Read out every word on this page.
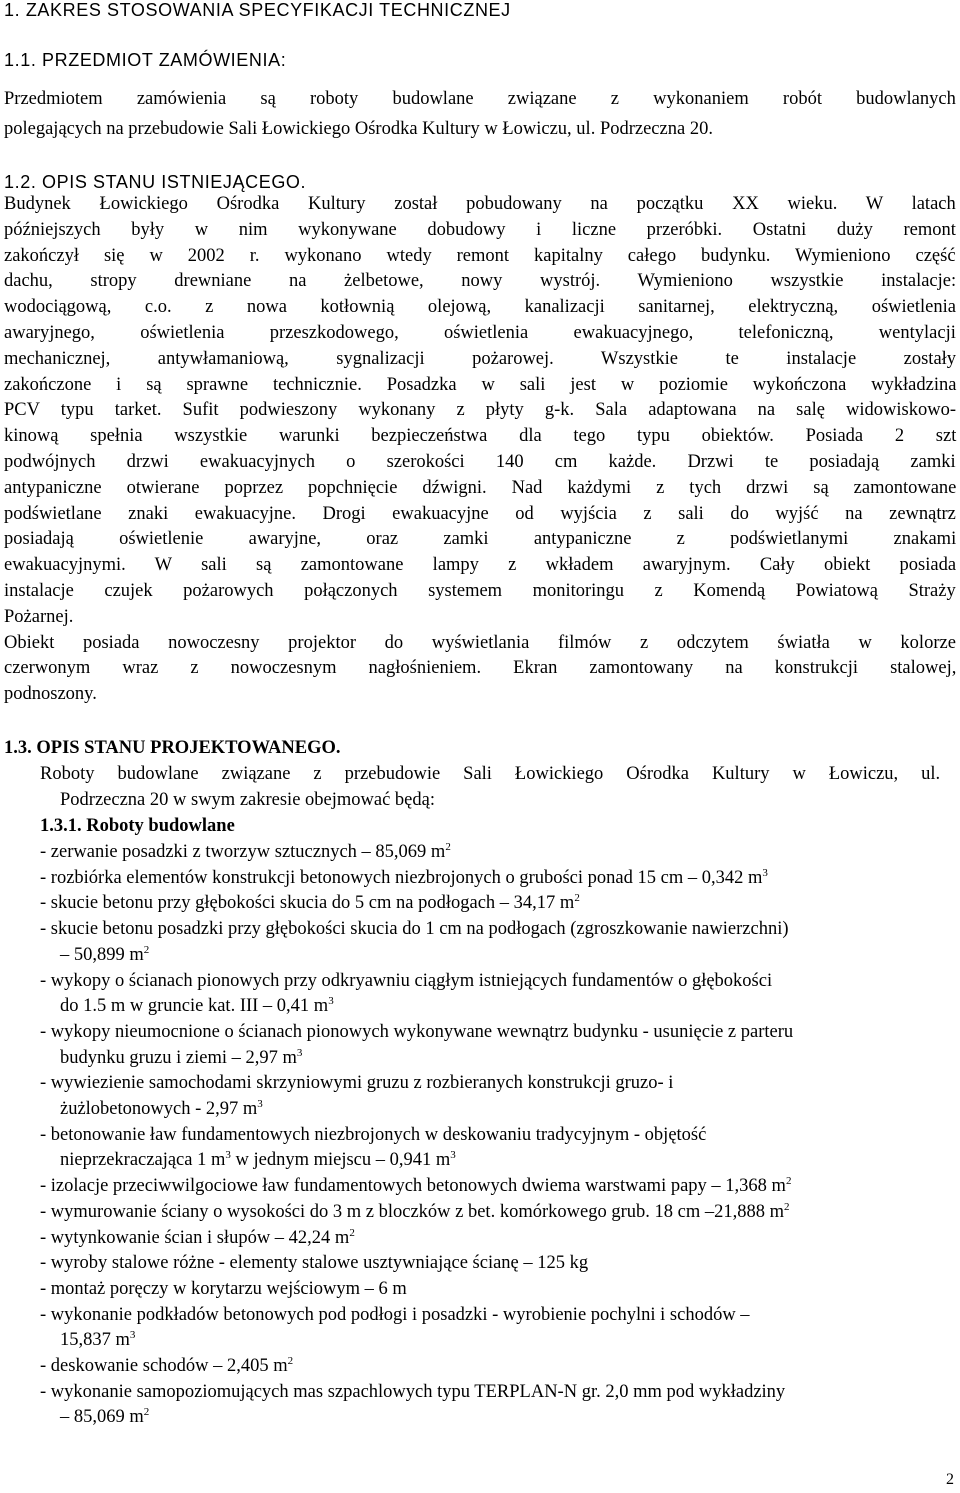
1. ZAKRES STOSOWANIA SPECYFIKACJI TECHNICZNEJ
1.1. PRZEDMIOT ZAMÓWIENIA:
Przedmiotem zamówienia są roboty budowlane związane z wykonaniem robót budowlanych
polegających na przebudowie Sali Łowickiego Ośrodka Kultury w Łowiczu, ul. Podrzeczna 20.
1.2. OPIS STANU ISTNIEJĄCEGO.
Budynek Łowickiego Ośrodka Kultury został pobudowany na początku XX wieku. W latach
późniejszych były w nim wykonywane dobudowy i liczne przeróbki. Ostatni duży remont
zakończył się w 2002 r. wykonano wtedy remont kapitalny całego budynku. Wymieniono część
dachu, stropy drewniane na żelbetowe, nowy wystrój. Wymieniono wszystkie instalacje:
wodociągową, c.o. z nowa kotłownią olejową, kanalizacji sanitarnej, elektryczną, oświetlenia
awaryjnego, oświetlenia przeszkodowego, oświetlenia ewakuacyjnego, telefoniczną, wentylacji
mechanicznej, antywłamaniową, sygnalizacji pożarowej. Wszystkie te instalacje zostały
zakończone i są sprawne technicznie. Posadzka w sali jest w poziomie wykończona wykładzina
PCV typu tarket. Sufit podwieszony wykonany z płyty g-k. Sala adaptowana na salę widowiskowo-
kinową spełnia wszystkie warunki bezpieczeństwa dla tego typu obiektów. Posiada 2 szt
podwójnych drzwi ewakuacyjnych o szerokości 140 cm każde. Drzwi te posiadają zamki
antypaniczne otwierane poprzez popchnięcie dźwigni. Nad każdymi z tych drzwi są zamontowane
podświetlane znaki ewakuacyjne. Drogi ewakuacyjne od wyjścia z sali do wyjść na zewnątrz
posiadają oświetlenie awaryjne, oraz zamki antypaniczne z podświetlanymi znakami
ewakuacyjnymi. W sali są zamontowane lampy z wkładem awaryjnym. Cały obiekt posiada
instalacje czujek pożarowych połączonych systemem monitoringu z Komendą Powiatową Straży
Pożarnej.
Obiekt posiada nowoczesny projektor do wyświetlania filmów z odczytem światła w kolorze
czerwonym wraz z nowoczesnym nagłośnieniem. Ekran zamontowany na konstrukcji stalowej,
podnoszony.
1.3. OPIS STANU PROJEKTOWANEGO.
Roboty budowlane związane z przebudowie Sali Łowickiego Ośrodka Kultury w Łowiczu, ul.
Podrzeczna 20 w swym zakresie obejmować będą:
1.3.1. Roboty budowlane
- zerwanie posadzki z tworzyw sztucznych – 85,069 $m^2$
- rozbiórka elementów konstrukcji betonowych niezbrojonych o grubości ponad 15 cm – 0,342 $m^3$
- skucie betonu przy głębokości skucia do 5 cm na podłogach – 34,17 $m^2$
- skucie betonu posadzki przy głębokości skucia do 1 cm na podłogach (zgroszkowanie nawierzchni)
– 50,899 $m^2$
- wykopy o ścianach pionowych przy odkryawniu ciągłym istniejących fundamentów o głębokości
do 1.5 m w gruncie kat. III – 0,41 $m^3$
- wykopy nieumocnione o ścianach pionowych wykonywane wewnątrz budynku - usunięcie z parteru
budynku gruzu i ziemi – 2,97 $m^3$
- wywiezienie samochodami skrzyniowymi gruzu z rozbieranych konstrukcji gruzo- i
żużlobetonowych - 2,97 $m^3$
- betonowanie ław fundamentowych niezbrojonych w deskowaniu tradycyjnym - objętość
nieprzekraczająca 1 $m^3$ w jednym miejscu – 0,941 $m^3$
- izolacje przeciwwilgociowe ław fundamentowych betonowych dwiema warstwami papy – 1,368 $m^2$
- wymurowanie ściany o wysokości do 3 m z bloczków z bet. komórkowego grub. 18 cm –21,888 $m^2$
- wytynkowanie ścian i słupów – 42,24 $m^2$
- wyroby stalowe różne - elementy stalowe usztywniające ścianę – 125 kg
- montaż poręczy w korytarzu wejściowym – 6 m
- wykonanie podkładów betonowych pod podłogi i posadzki - wyrobienie pochylni i schodów –
15,837 $m^3$
- deskowanie schodów – 2,405 $m^2$
- wykonanie samopoziomujących mas szpachlowych typu TERPLAN-N gr. 2,0 mm pod wykładziny
– 85,069 $m^2$
2
